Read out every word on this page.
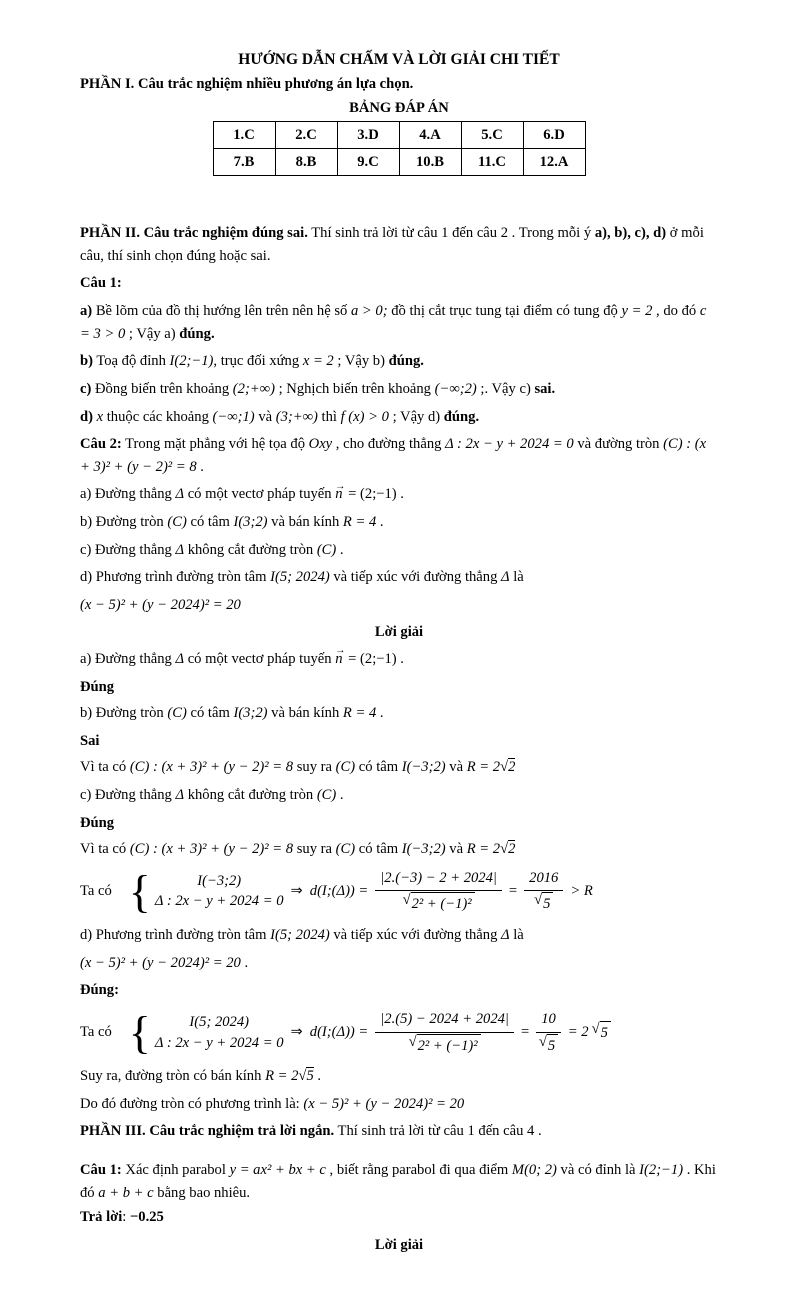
HƯỚNG DẪN CHẤM VÀ LỜI GIẢI CHI TIẾT
PHẦN I. Câu trắc nghiệm nhiều phương án lựa chọn.
BẢNG ĐÁP ÁN
1.C	2.C	3.D	4.A	5.C	6.D
7.B	8.B	9.C	10.B	11.C	12.A
PHẦN II. Câu trắc nghiệm đúng sai. Thí sinh trả lời từ câu 1 đến câu 2 . Trong mỗi ý a), b), c), d) ở mỗi câu, thí sinh chọn đúng hoặc sai.
Câu 1:
a) Bề lõm của đồ thị hướng lên trên nên hệ số a > 0; đồ thị cắt trục tung tại điểm có tung độ y = 2 , do đó c = 3 > 0 ; Vậy a) đúng.
b) Toạ độ đỉnh I(2;−1), trục đối xứng x = 2 ; Vậy b) đúng.
c) Đồng biến trên khoảng (2;+∞) ; Nghịch biến trên khoảng (−∞;2) ;. Vậy c) sai.
d) x thuộc các khoảng (−∞;1) và (3;+∞) thì f (x) > 0 ; Vậy d) đúng.
Câu 2: Trong mặt phẳng với hệ tọa độ Oxy , cho đường thẳng Δ : 2x − y + 2024 = 0 và đường tròn (C) : (x + 3)² + (y − 2)² = 8 .
a) Đường thẳng Δ có một vectơ pháp tuyến n → = (2;−1) .
b) Đường tròn (C) có tâm I(3;2) và bán kính R = 4 .
c) Đường thẳng Δ không cắt đường tròn (C) .
d) Phương trình đường tròn tâm I(5; 2024) và tiếp xúc với đường thẳng Δ là
(x − 5)² + (y − 2024)² = 20
Lời giải
a) Đường thẳng Δ có một vectơ pháp tuyến n → = (2;−1) .
Đúng
b) Đường tròn (C) có tâm I(3;2) và bán kính R = 4 .
Sai
Vì ta có (C) : (x + 3)² + (y − 2)² = 8 suy ra (C) có tâm I(−3;2) và R = 2√2
c) Đường thẳng Δ không cắt đường tròn (C) .
Đúng
Vì ta có (C) : (x + 3)² + (y − 2)² = 8 suy ra (C) có tâm I(−3;2) và R = 2√2
Ta có
{ I(−3;2)
Δ : 2x − y + 2024 = 0
⇒ d(I;(Δ)) = |2.(−3) − 2 + 2024|
√ 2² + (−1)² = 2016
√ 5 > R
d) Phương trình đường tròn tâm I(5; 2024) và tiếp xúc với đường thẳng Δ là
(x − 5)² + (y − 2024)² = 20 .
Đúng:
Ta có
{ I(5; 2024)
Δ : 2x − y + 2024 = 0
⇒ d(I;(Δ)) = |2.(5) − 2024 + 2024|
√ 2² + (−1)² = 10
√ 5 = 2 √ 5
Suy ra, đường tròn có bán kính R = 2√5 .
Do đó đường tròn có phương trình là: (x − 5)² + (y − 2024)² = 20
PHẦN III. Câu trắc nghiệm trả lời ngắn. Thí sinh trả lời từ câu 1 đến câu 4 .
Câu 1: Xác định parabol y = ax² + bx + c , biết rằng parabol đi qua điểm M(0; 2) và có đỉnh là I(2;−1) . Khi đó a + b + c bằng bao nhiêu.
Trả lời: −0.25
Lời giải
